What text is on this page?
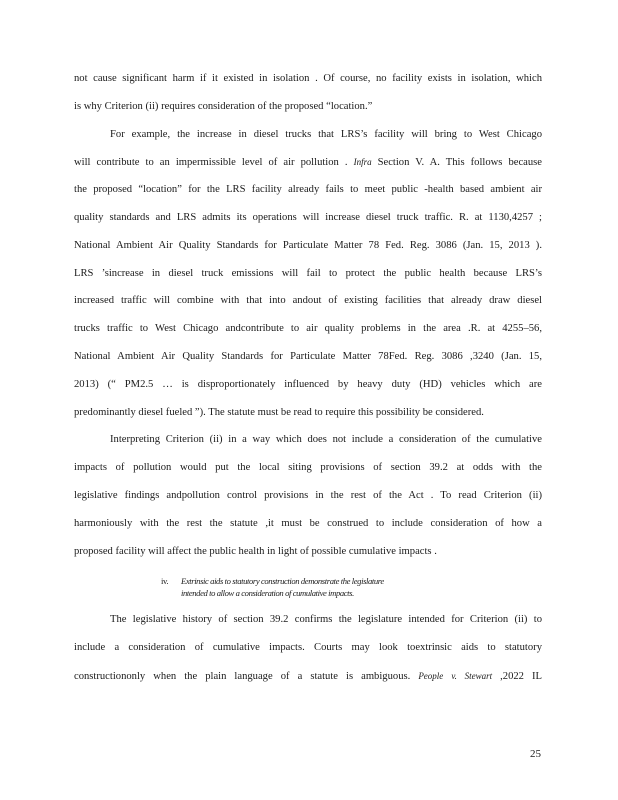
not cause significant harm if it existed in isolation . Of course, no facility exists in isolation, which
is why Criterion (ii) requires consideration of the proposed “location.”
For example, the increase in diesel trucks that LRS’s facility will bring to West Chicago
will contribute to an impermissible level of air pollution . Infra Section V. A. This follows because
the proposed “location” for the LRS facility already fails to meet public -health based ambient air
quality standards and LRS admits its operations will increase diesel truck traffic. R. at 1130,4257 ;
National Ambient Air Quality Standards for Particulate Matter 78 Fed. Reg. 3086 (Jan. 15, 2013 ).
LRS ’sincrease in diesel truck emissions will fail to protect the public health because LRS’s
increased traffic will combine with that into andout of existing facilities that already draw diesel
trucks traffic to West Chicago andcontribute to air quality problems in the area .R. at 4255–56,
National Ambient Air Quality Standards for Particulate Matter 78Fed. Reg. 3086 ,3240 (Jan. 15,
2013) (“ PM2.5 … is disproportionately influenced by heavy duty (HD) vehicles which are
predominantly diesel fueled ”). The statute must be read to require this possibility be considered.
Interpreting Criterion (ii) in a way which does not include a consideration of the cumulative
impacts of pollution would put the local siting provisions of section 39.2 at odds with the
legislative findings andpollution control provisions in the rest of the Act . To read Criterion (ii)
harmoniously with the rest the statute ,it must be construed to include consideration of how a
proposed facility will affect the public health in light of possible cumulative impacts .
iv. Extrinsic aids to statutory construction demonstrate the legislature
intended to allow a consideration of cumulative impacts.
The legislative history of section 39.2 confirms the legislature intended for Criterion (ii) to
include a consideration of cumulative impacts. Courts may look toextrinsic aids to statutory
constructiononly when the plain language of a statute is ambiguous. People v. Stewart ,2022 IL
25
